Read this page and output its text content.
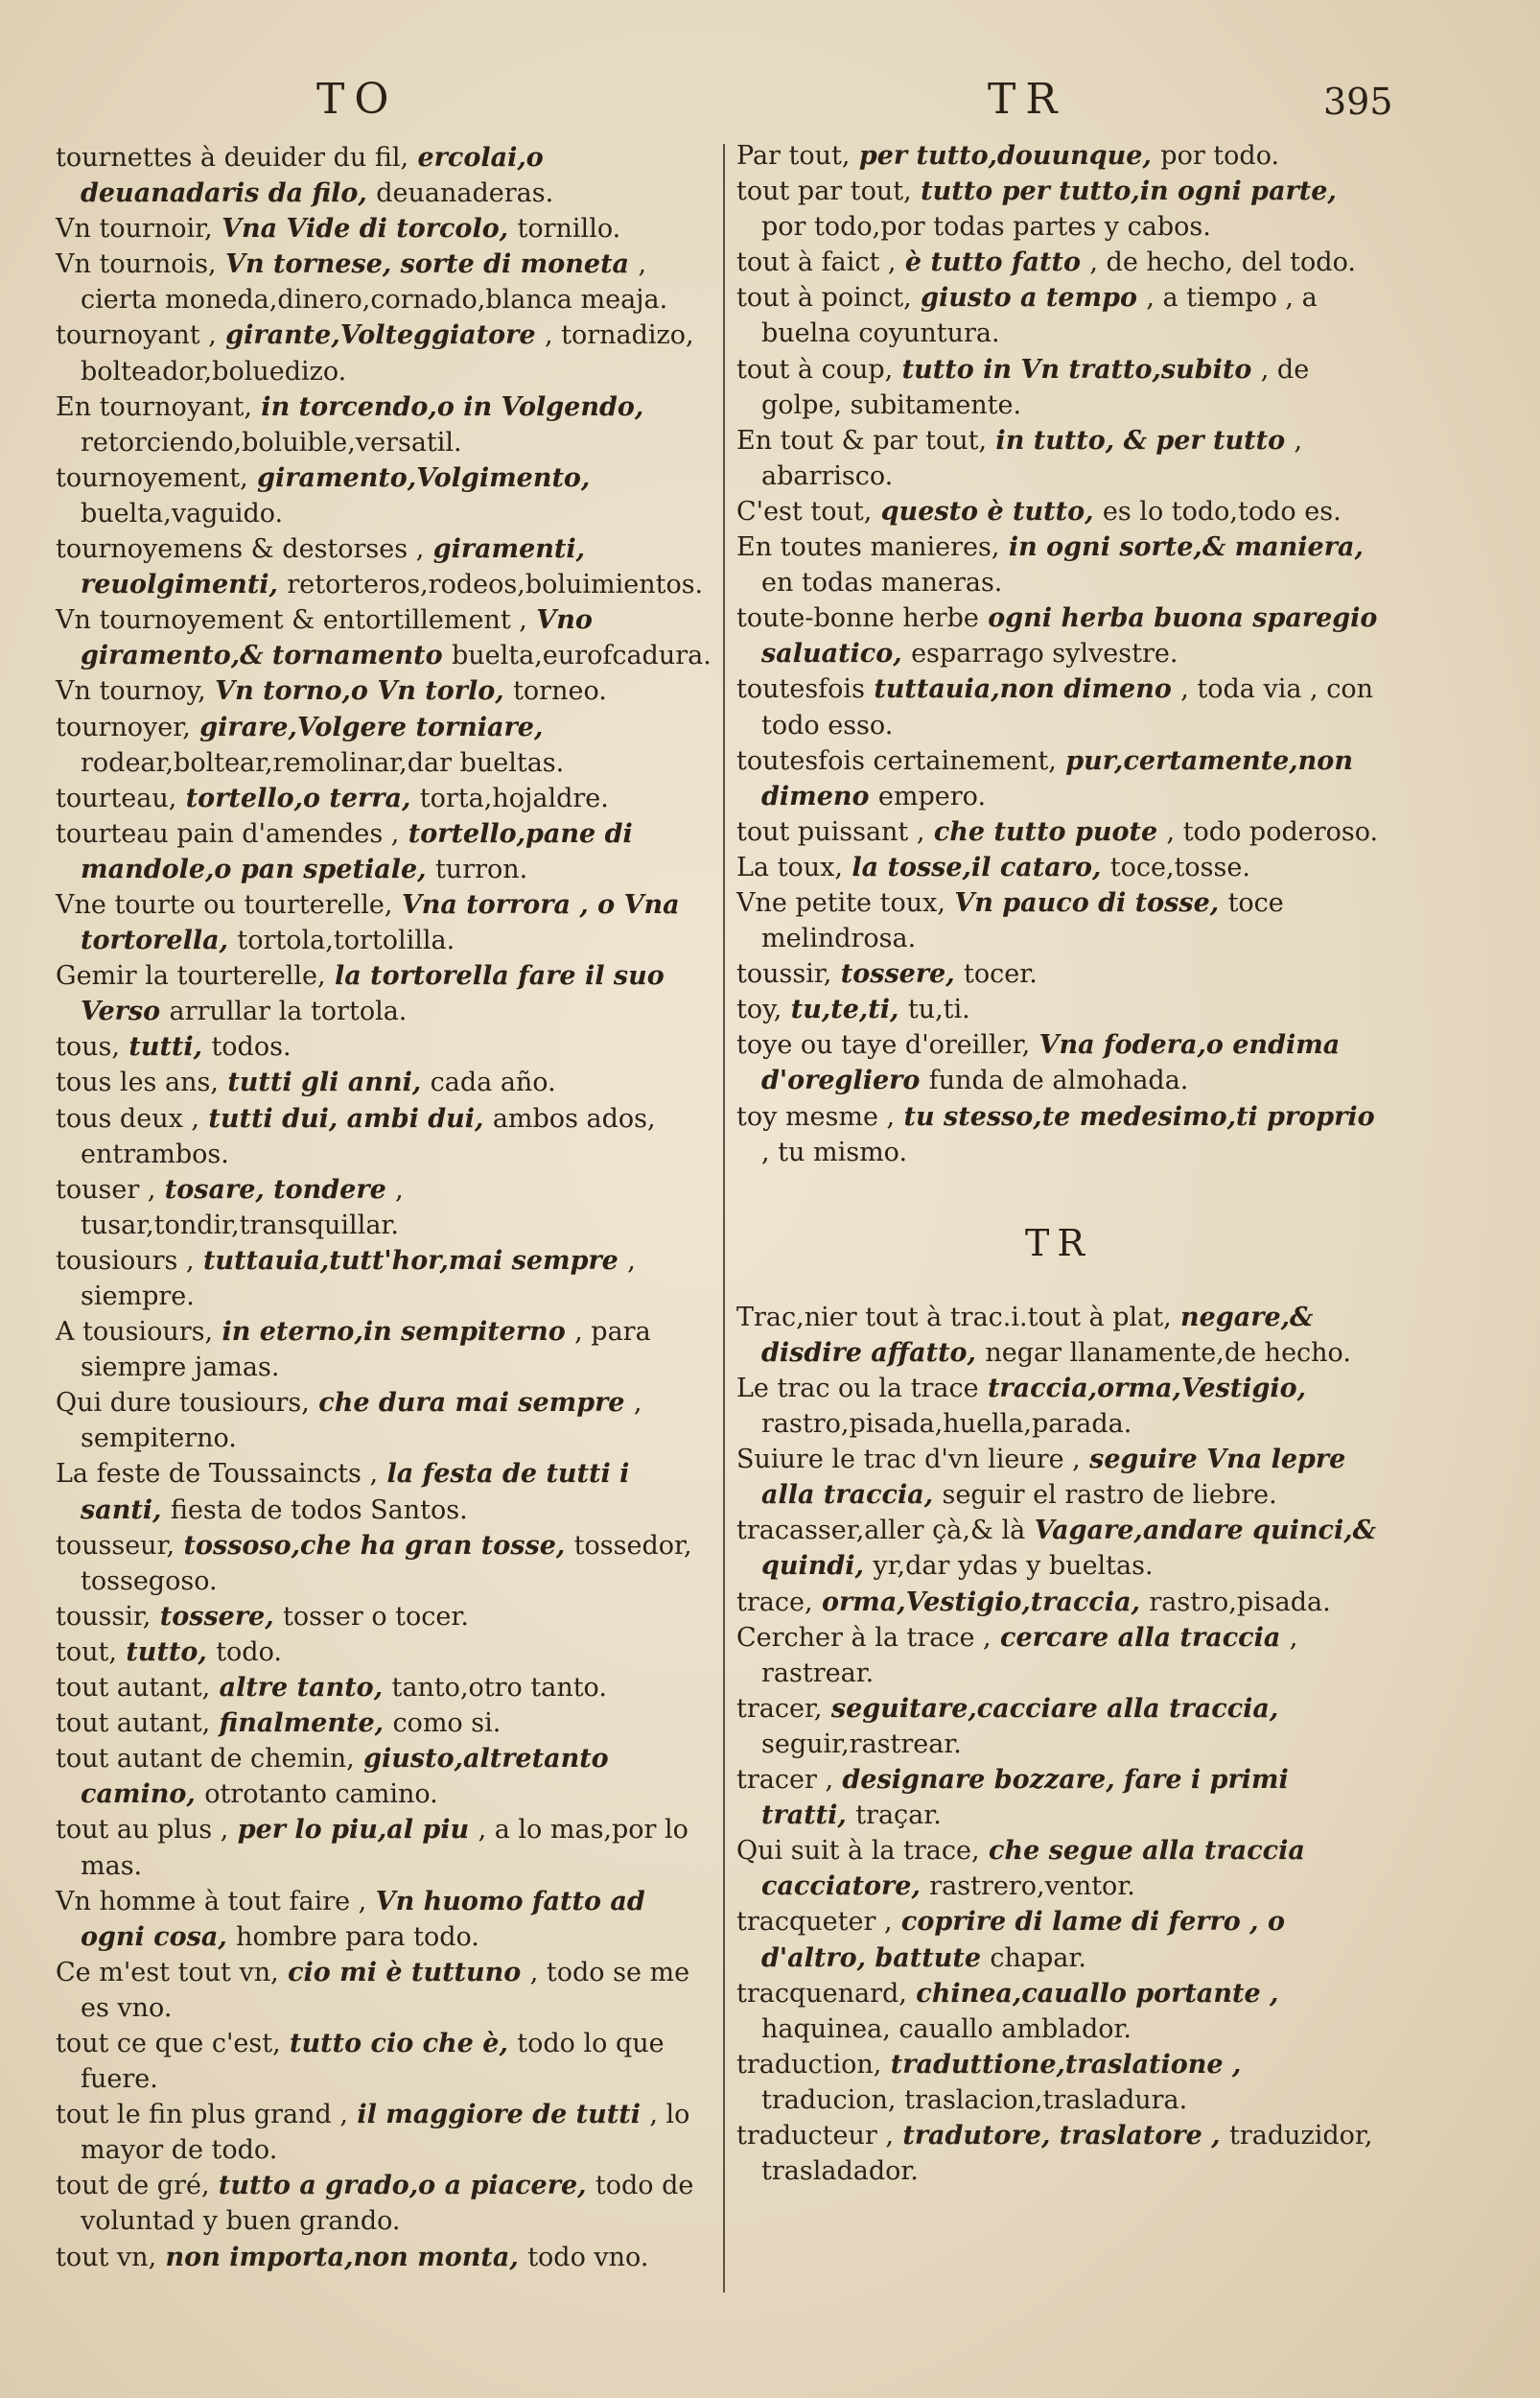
TO	TR	395

tournettes à deuider du fil, ercolai,o deuanadaris da filo, deuanaderas.

Vn tournoir, Vna Vide di torcolo, tornillo.

Vn tournois, Vn tornese, sorte di moneta , cierta moneda,dinero,cornado,blanca meaja.

tournoyant , girante,Volteggiatore , tornadizo, bolteador,boluedizo.

En tournoyant, in torcendo,o in Volgendo, retorciendo,boluible,versatil.

tournoyement, giramento,Volgimento, buelta,vaguido.

tournoyemens & destorses , giramenti, reuolgimenti, retorteros,rodeos,boluimientos.

Vn tournoyement & entortillement , Vno giramento,& tornamento buelta,eurofcadura.

Vn tournoy, Vn torno,o Vn torlo, torneo.

tournoyer, girare,Volgere torniare, rodear,boltear,remolinar,dar bueltas.

tourteau, tortello,o terra, torta,hojaldre.

tourteau pain d'amendes , tortello,pane di mandole,o pan spetiale, turron.

Vne tourte ou tourterelle, Vna torrora , o Vna tortorella, tortola,tortolilla.

Gemir la tourterelle, la tortorella fare il suo Verso arrullar la tortola.

tous, tutti, todos.

tous les ans, tutti gli anni, cada año.

tous deux , tutti dui, ambi dui, ambos ados, entrambos.

touser , tosare, tondere , tusar,tondir,transquillar.

tousiours , tuttauia,tutt'hor,mai sempre , siempre.

A tousiours, in eterno,in sempiterno , para siempre jamas.

Qui dure tousiours, che dura mai sempre , sempiterno.

La feste de Toussaincts , la festa de tutti i santi, fiesta de todos Santos.

tousseur, tossoso,che ha gran tosse, tossedor, tossegoso.

toussir, tossere, tosser o tocer.

tout, tutto, todo.

tout autant, altre tanto, tanto,otro tanto.

tout autant, finalmente, como si.

tout autant de chemin, giusto,altretanto camino, otrotanto camino.

tout au plus , per lo piu,al piu , a lo mas,por lo mas.

Vn homme à tout faire , Vn huomo fatto ad ogni cosa, hombre para todo.

Ce m'est tout vn, cio mi è tuttuno , todo se me es vno.

tout ce que c'est, tutto cio che è, todo lo que fuere.

tout le fin plus grand , il maggiore de tutti , lo mayor de todo.

tout de gré, tutto a grado,o a piacere, todo de voluntad y buen grando.

tout vn, non importa,non monta, todo vno.

Par tout, per tutto,douunque, por todo.

tout par tout, tutto per tutto,in ogni parte, por todo,por todas partes y cabos.

tout à faict , è tutto fatto , de hecho, del todo.

tout à poinct, giusto a tempo , a tiempo , a buelna coyuntura.

tout à coup, tutto in Vn tratto,subito , de golpe, subitamente.

En tout & par tout, in tutto, & per tutto , abarrisco.

C'est tout, questo è tutto, es lo todo,todo es.

En toutes manieres, in ogni sorte,& maniera, en todas maneras.

toute-bonne herbe ogni herba buona sparegio saluatico, esparrago sylvestre.

toutesfois tuttauia,non dimeno , toda via , con todo esso.

toutesfois certainement, pur,certamente,non dimeno empero.

tout puissant , che tutto puote , todo poderoso.

La toux, la tosse,il cataro, toce,tosse.

Vne petite toux, Vn pauco di tosse, toce melindrosa.

toussir, tossere, tocer.

toy, tu,te,ti, tu,ti.

toye ou taye d'oreiller, Vna fodera,o endima d'oregliero funda de almohada.

toy mesme , tu stesso,te medesimo,ti proprio , tu mismo.

TR

Trac,nier tout à trac.i.tout à plat, negare,& disdire affatto, negar llanamente,de hecho.

Le trac ou la trace traccia,orma,Vestigio, rastro,pisada,huella,parada.

Suiure le trac d'vn lieure , seguire Vna lepre alla traccia, seguir el rastro de liebre.

tracasser,aller çà,& là Vagare,andare quinci,& quindi, yr,dar ydas y bueltas.

trace, orma,Vestigio,traccia, rastro,pisada.

Cercher à la trace , cercare alla traccia , rastrear.

tracer, seguitare,cacciare alla traccia, seguir,rastrear.

tracer , designare bozzare, fare i primi tratti, traçar.

Qui suit à la trace, che segue alla traccia cacciatore, rastrero,ventor.

tracqueter , coprire di lame di ferro , o d'altro, battute chapar.

tracquenard, chinea,cauallo portante , haquinea, cauallo amblador.

traduction, traduttione,traslatione , traducion, traslacion,trasladura.

traducteur , tradutore, traslatore , traduzidor, trasladador.
